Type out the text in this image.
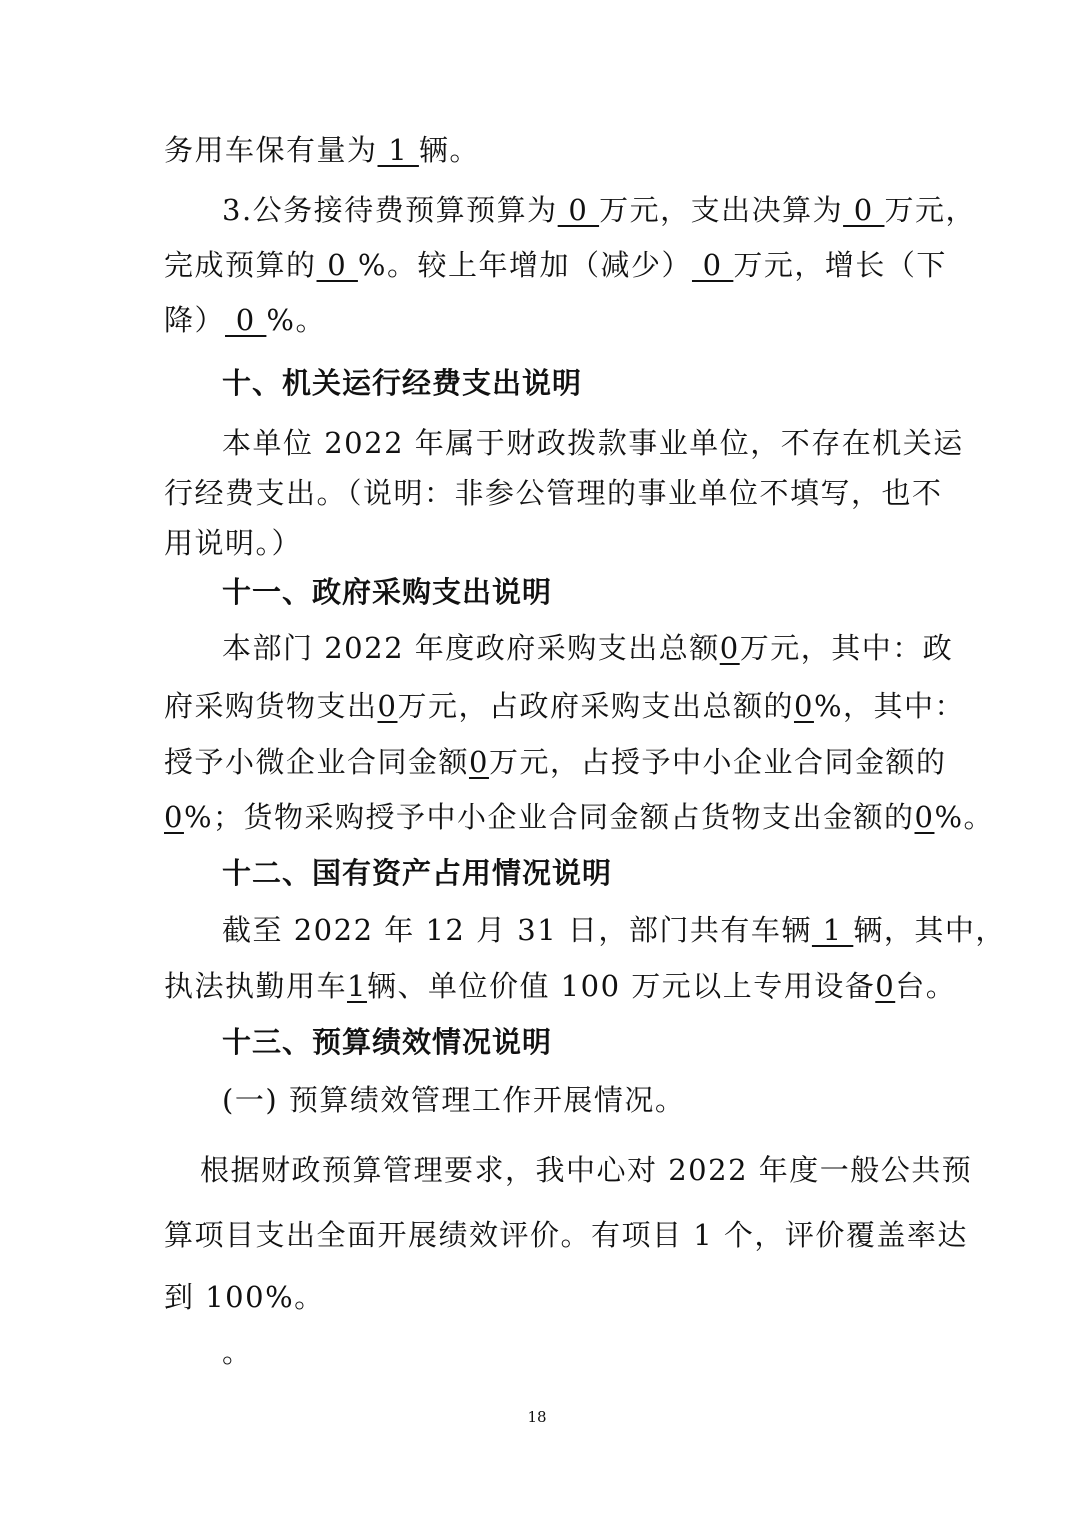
务用车保有量为 1 辆。
3.公务接待费预算预算为 0 万元，支出决算为 0 万元，
完成预算的 0 %。较上年增加（减少） 0 万元，增长（下
降） 0 %。
十、机关运行经费支出说明
本单位 2022 年属于财政拨款事业单位，不存在机关运
行经费支出。（说明：非参公管理的事业单位不填写，也不
用说明。）
十一、政府采购支出说明
本部门 2022 年度政府采购支出总额0万元，其中：政
府采购货物支出0万元，占政府采购支出总额的0%，其中：
授予小微企业合同金额0万元，占授予中小企业合同金额的
0%；货物采购授予中小企业合同金额占货物支出金额的0%。
十二、国有资产占用情况说明
截至 2022 年 12 月 31 日，部门共有车辆 1 辆，其中，
执法执勤用车1辆、单位价值 100 万元以上专用设备0台。
十三、预算绩效情况说明
(一) 预算绩效管理工作开展情况。
根据财政预算管理要求，我中心对 2022 年度一般公共预
算项目支出全面开展绩效评价。有项目 1 个，评价覆盖率达
到 100%。
。
18
